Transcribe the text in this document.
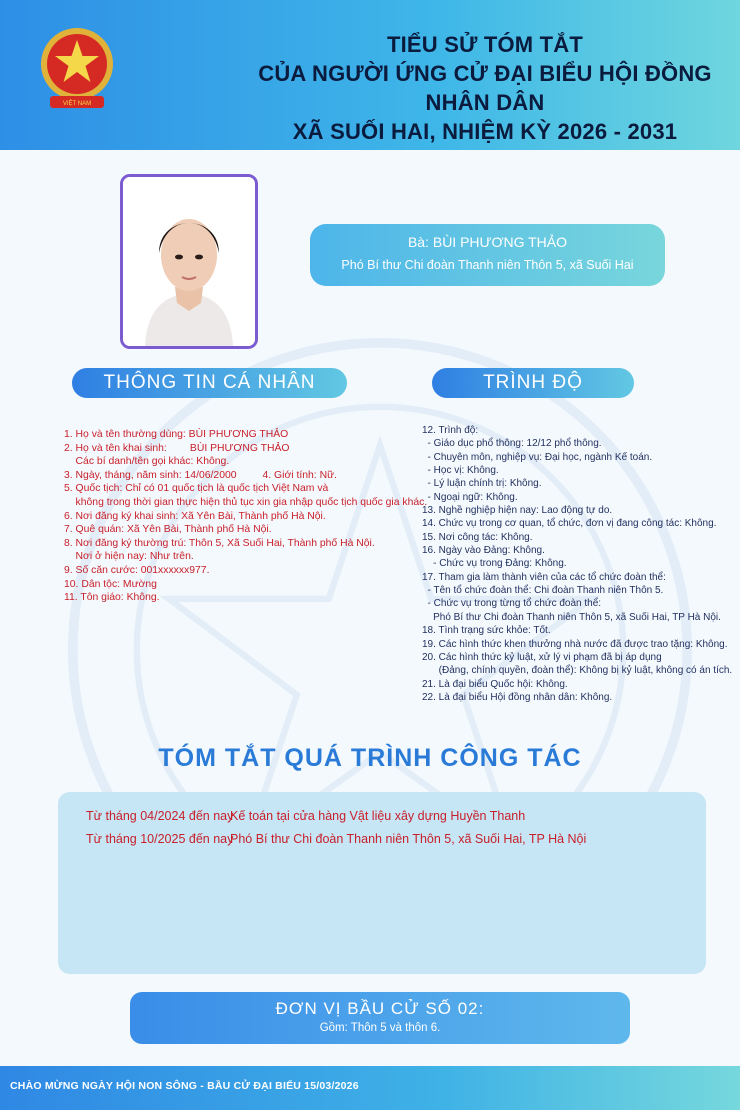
VIỆT NAM
TIỂU SỬ TÓM TẮT
CỦA NGƯỜI ỨNG CỬ ĐẠI BIỂU HỘI ĐỒNG NHÂN DÂN
XÃ SUỐI HAI, NHIỆM KỲ 2026 - 2031
Bà: BÙI PHƯƠNG THẢO
Phó Bí thư Chi đoàn Thanh niên Thôn 5, xã Suối Hai
THÔNG TIN CÁ NHÂN	TRÌNH ĐỘ
1. Họ và tên thường dùng: BÙI PHƯƠNG THẢO
2. Họ và tên khai sinh:        BÙI PHƯƠNG THẢO
Các bí danh/tên gọi khác: Không.
3. Ngày, tháng, năm sinh: 14/06/2000         4. Giới tính: Nữ.
5. Quốc tịch: Chỉ có 01 quốc tịch là quốc tịch Việt Nam và
không trong thời gian thực hiện thủ tục xin gia nhập quốc tịch quốc gia khác.
6. Nơi đăng ký khai sinh: Xã Yên Bài, Thành phố Hà Nội.
7. Quê quán: Xã Yên Bài, Thành phố Hà Nội.
8. Nơi đăng ký thường trú: Thôn 5, Xã Suối Hai, Thành phố Hà Nội.
Nơi ở hiện nay: Như trên.
9. Số căn cước: 001xxxxxx977.
10. Dân tộc: Mường
11. Tôn giáo: Không.
12. Trình độ:
- Giáo dục phổ thông: 12/12 phổ thông.
- Chuyên môn, nghiệp vụ: Đại học, ngành Kế toán.
- Học vị: Không.
- Lý luận chính trị: Không.
- Ngoại ngữ: Không.
13. Nghề nghiệp hiện nay: Lao động tự do.
14. Chức vụ trong cơ quan, tổ chức, đơn vị đang công tác: Không.
15. Nơi công tác: Không.
16. Ngày vào Đảng: Không.
- Chức vụ trong Đảng: Không.
17. Tham gia làm thành viên của các tổ chức đoàn thể:
- Tên tổ chức đoàn thể: Chi đoàn Thanh niên Thôn 5.
- Chức vụ trong từng tổ chức đoàn thể:
Phó Bí thư Chi đoàn Thanh niên Thôn 5, xã Suối Hai, TP Hà Nội.
18. Tình trạng sức khỏe: Tốt.
19. Các hình thức khen thưởng nhà nước đã được trao tặng: Không.
20. Các hình thức kỷ luật, xử lý vi phạm đã bị áp dụng
(Đảng, chính quyền, đoàn thể): Không bị kỷ luật, không có án tích.
21. Là đại biểu Quốc hội: Không.
22. Là đại biểu Hội đồng nhân dân: Không.
TÓM TẮT QUÁ TRÌNH CÔNG TÁC
Từ tháng 04/2024 đến nay
Kế toán tại cửa hàng Vật liệu xây dựng Huyền Thanh
Từ tháng 10/2025 đến nay
Phó Bí thư Chi đoàn Thanh niên Thôn 5, xã Suối Hai, TP Hà Nội
ĐƠN VỊ BẦU CỬ SỐ 02:
Gồm: Thôn 5 và thôn 6.
CHÀO MỪNG NGÀY HỘI NON SÔNG - BẦU CỬ ĐẠI BIỂU 15/03/2026
